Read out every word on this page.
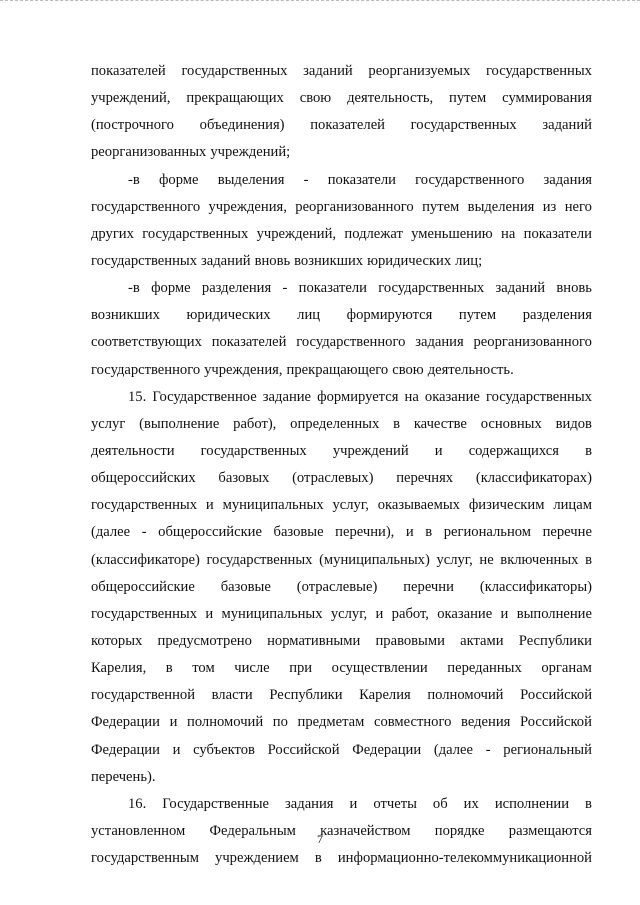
показателей государственных заданий реорганизуемых государственных
учреждений, прекращающих свою деятельность, путем суммирования
(построчного объединения) показателей государственных заданий
реорганизованных учреждений;
-в форме выделения - показатели государственного задания
государственного учреждения, реорганизованного путем выделения из него
других государственных учреждений, подлежат уменьшению на показатели
государственных заданий вновь возникших юридических лиц;
-в форме разделения - показатели государственных заданий вновь
возникших юридических лиц формируются путем разделения
соответствующих показателей государственного задания реорганизованного
государственного учреждения, прекращающего свою деятельность.
15. Государственное задание формируется на оказание государственных
услуг (выполнение работ), определенных в качестве основных видов
деятельности государственных учреждений и содержащихся в
общероссийских базовых (отраслевых) перечнях (классификаторах)
государственных и муниципальных услуг, оказываемых физическим лицам
(далее - общероссийские базовые перечни), и в региональном перечне
(классификаторе) государственных (муниципальных) услуг, не включенных в
общероссийские базовые (отраслевые) перечни (классификаторы)
государственных и муниципальных услуг, и работ, оказание и выполнение
которых предусмотрено нормативными правовыми актами Республики
Карелия, в том числе при осуществлении переданных органам
государственной власти Республики Карелия полномочий Российской
Федерации и полномочий по предметам совместного ведения Российской
Федерации и субъектов Российской Федерации (далее - региональный
перечень).
16. Государственные задания и отчеты об их исполнении в
установленном Федеральным казначейством порядке размещаются
государственным учреждением в информационно-телекоммуникационной
7
